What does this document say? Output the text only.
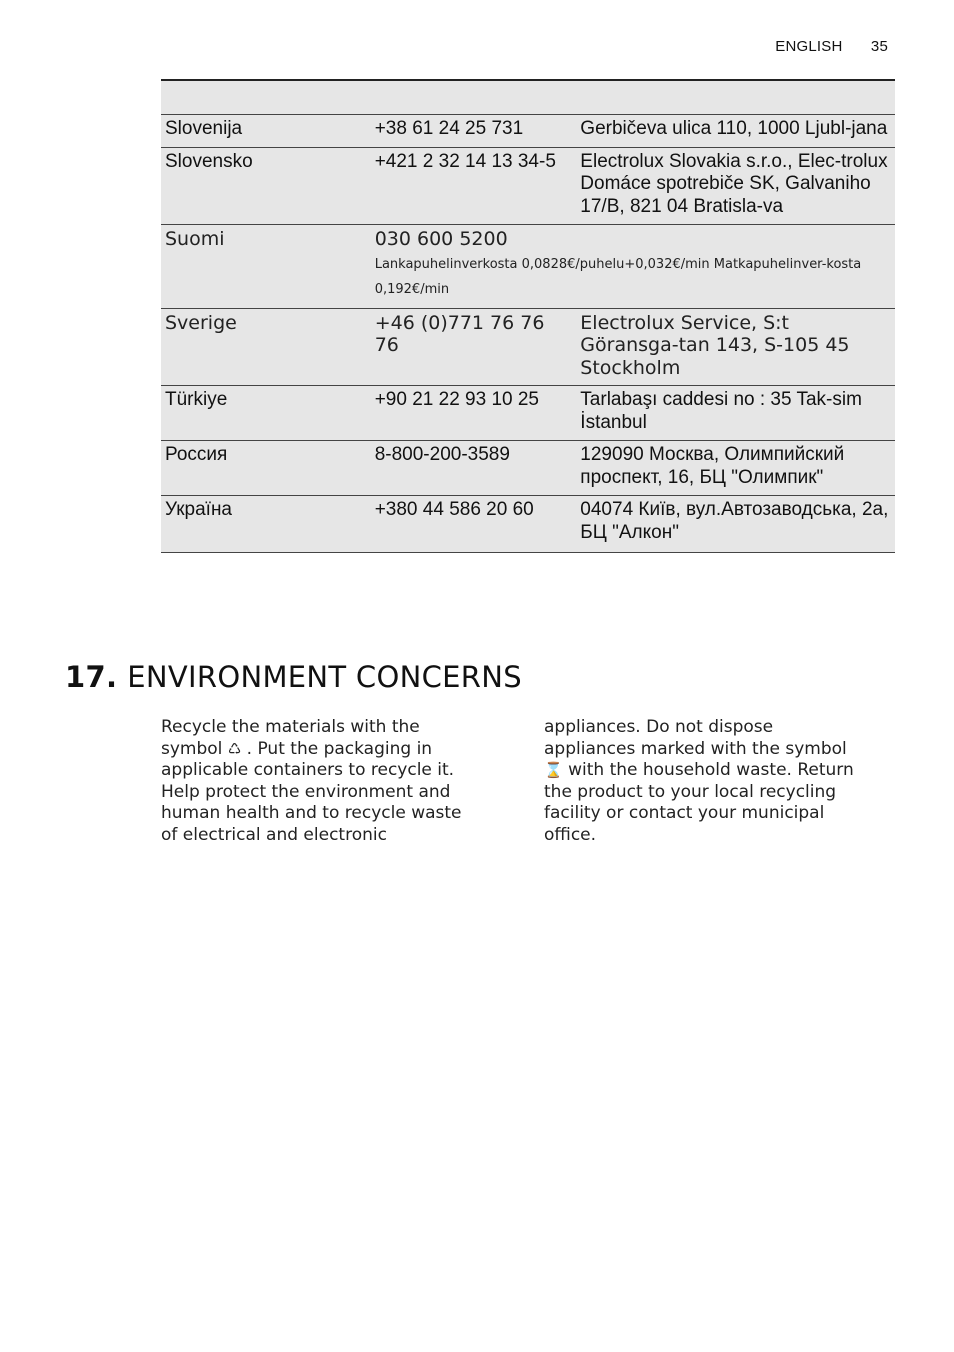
ENGLISH 35

Slovenija	+38 61 24 25 731	Gerbičeva ulica 110, 1000 Ljubl-jana
Slovensko	+421 2 32 14 13 34-5	Electrolux Slovakia s.r.o., Elec-trolux Domáce spotrebiče SK, Galvaniho 17/B, 821 04 Bratisla-va
Suomi	030 600 5200
Lankapuhelinverkosta 0,0828€/puhelu+0,032€/min Matkapuhelinver-kosta 0,192€/min	

Sverige	+46 (0)771 76 76 76	Electrolux Service, S:t Göransga-tan 143, S-105 45 Stockholm
Türkiye	+90 21 22 93 10 25	Tarlabaşı caddesi no : 35 Tak-sim İstanbul
Россия	8-800-200-3589	129090 Москва, Олимпийский проспект, 16, БЦ "Олимпик"
Україна	+380 44 586 20 60	04074 Київ, вул.Автозаводська, 2а, БЦ "Алкон"
17. ENVIRONMENT CONCERNS
Recycle the materials with the symbol ♺ . Put the packaging in applicable containers to recycle it. Help protect the environment and human health and to recycle waste of electrical and electronic
appliances. Do not dispose appliances marked with the symbol ⌛ with the household waste. Return the product to your local recycling facility or contact your municipal office.
